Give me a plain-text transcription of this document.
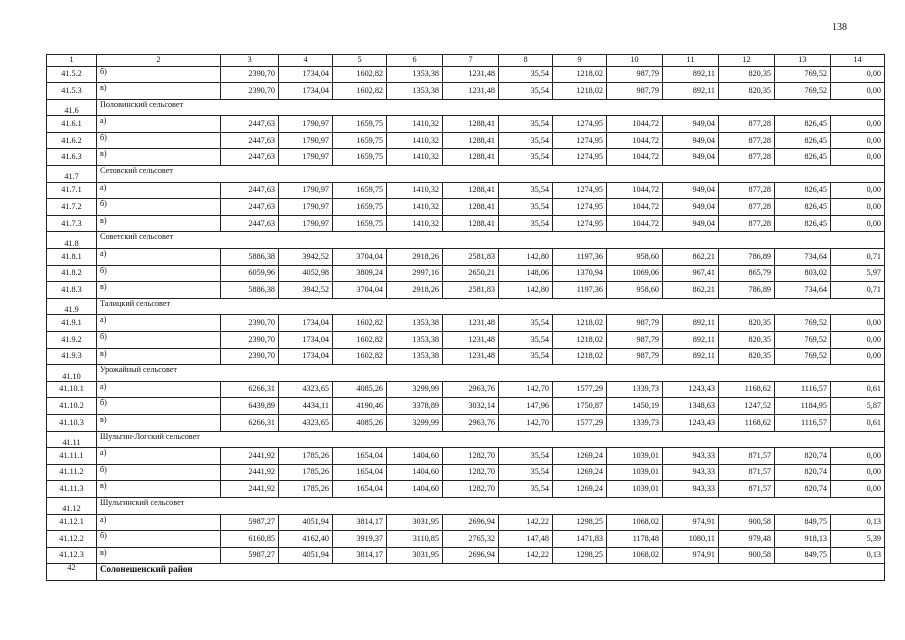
138
1	2	3	4	5	6	7	8	9	10	11	12	13	14
41.5.2	б)	2390,70	1734,04	1602,82	1353,38	1231,48	35,54	1218,02	987,79	892,11	820,35	769,52	0,00
41.5.3	в)	2390,70	1734,04	1602,82	1353,38	1231,48	35,54	1218,02	987,79	892,11	820,35	769,52	0,00
41.6	Половинский сельсовет												
41.6.1	а)	2447,63	1790,97	1659,75	1410,32	1288,41	35,54	1274,95	1044,72	949,04	877,28	826,45	0,00
41.6.2	б)	2447,63	1790,97	1659,75	1410,32	1288,41	35,54	1274,95	1044,72	949,04	877,28	826,45	0,00
41.6.3	в)	2447,63	1790,97	1659,75	1410,32	1288,41	35,54	1274,95	1044,72	949,04	877,28	826,45	0,00
41.7	Сетовский сельсовет												
41.7.1	а)	2447,63	1790,97	1659,75	1410,32	1288,41	35,54	1274,95	1044,72	949,04	877,28	826,45	0,00
41.7.2	б)	2447,63	1790,97	1659,75	1410,32	1288,41	35,54	1274,95	1044,72	949,04	877,28	826,45	0,00
41.7.3	в)	2447,63	1790,97	1659,75	1410,32	1288,41	35,54	1274,95	1044,72	949,04	877,28	826,45	0,00
41.8	Советский сельсовет												
41.8.1	а)	5886,38	3942,52	3704,04	2918,26	2581,83	142,80	1197,36	958,60	862,21	786,89	734,64	0,71
41.8.2	б)	6059,96	4052,98	3809,24	2997,16	2650,21	148,06	1370,94	1069,06	967,41	865,79	803,02	5,97
41.8.3	в)	5886,38	3942,52	3704,04	2918,26	2581,83	142,80	1197,36	958,60	862,21	786,89	734,64	0,71
41.9	Талицкий сельсовет												
41.9.1	а)	2390,70	1734,04	1602,82	1353,38	1231,48	35,54	1218,02	987,79	892,11	820,35	769,52	0,00
41.9.2	б)	2390,70	1734,04	1602,82	1353,38	1231,48	35,54	1218,02	987,79	892,11	820,35	769,52	0,00
41.9.3	в)	2390,70	1734,04	1602,82	1353,38	1231,48	35,54	1218,02	987,79	892,11	820,35	769,52	0,00
41.10	Урожайный сельсовет												
41.10.1	а)	6266,31	4323,65	4085,26	3299,99	2963,76	142,70	1577,29	1339,73	1243,43	1168,62	1116,57	0,61
41.10.2	б)	6439,89	4434,11	4190,46	3378,89	3032,14	147,96	1750,87	1450,19	1348,63	1247,52	1184,95	5,87
41.10.3	в)	6266,31	4323,65	4085,26	3299,99	2963,76	142,70	1577,29	1339,73	1243,43	1168,62	1116,57	0,61
41.11	Шульгин-Логский сельсовет												
41.11.1	а)	2441,92	1785,26	1654,04	1404,60	1282,70	35,54	1269,24	1039,01	943,33	871,57	820,74	0,00
41.11.2	б)	2441,92	1785,26	1654,04	1404,60	1282,70	35,54	1269,24	1039,01	943,33	871,57	820,74	0,00
41.11.3	в)	2441,92	1785,26	1654,04	1404,60	1282,70	35,54	1269,24	1039,01	943,33	871,57	820,74	0,00
41.12	Шульгинский сельсовет												
41.12.1	а)	5987,27	4051,94	3814,17	3031,95	2696,94	142,22	1298,25	1068,02	974,91	900,58	849,75	0,13
41.12.2	б)	6160,85	4162,40	3919,37	3110,85	2765,32	147,48	1471,83	1178,48	1080,11	979,48	918,13	5,39
41.12.3	в)	5987,27	4051,94	3814,17	3031,95	2696,94	142,22	1298,25	1068,02	974,91	900,58	849,75	0,13
42	Солонешенский район												
